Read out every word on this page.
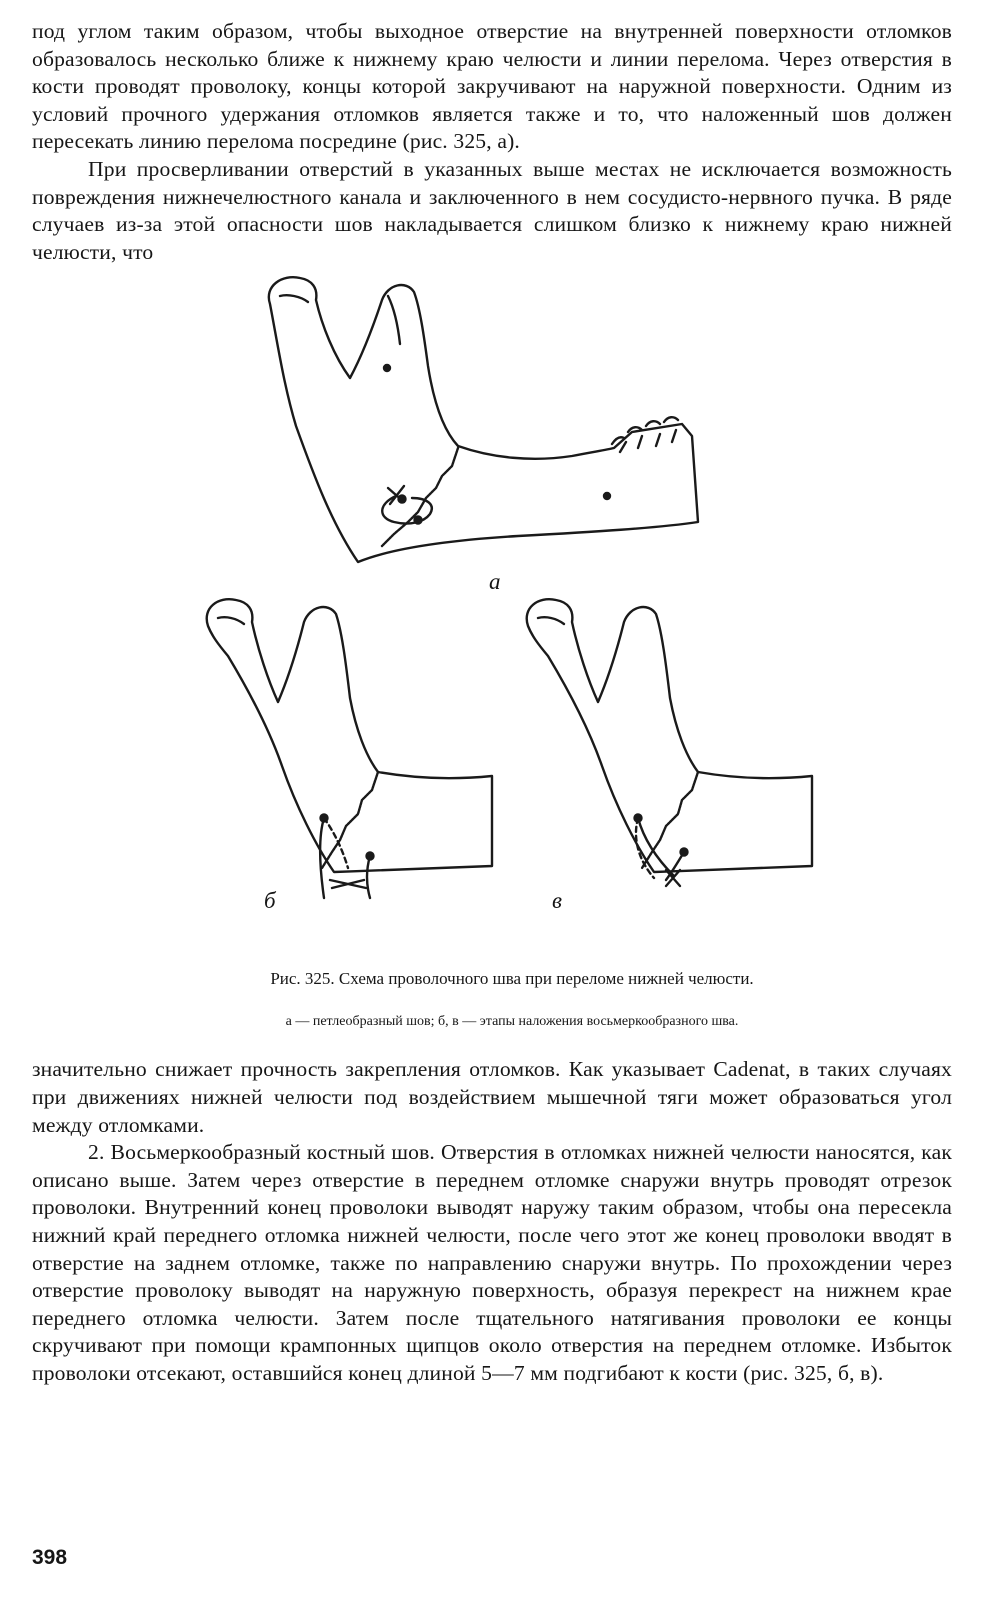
под углом таким образом, чтобы выходное отверстие на внутренней поверхности отломков образовалось несколько ближе к нижнему краю челюсти и линии перелома. Через отверстия в кости проводят проволоку, концы которой закручивают на наружной поверхности. Одним из условий прочного удержания отломков является также и то, что наложенный шов должен пересекать линию перелома посредине (рис. 325, а).

При просверливании отверстий в указанных выше местах не исключается возможность повреждения нижнечелюстного канала и заключенного в нем сосудисто-нервного пучка. В ряде случаев из-за этой опасности шов накладывается слишком близко к нижнему краю нижней челюсти, что

а
б	в
Рис. 325. Схема проволочного шва при переломе нижней челюсти.
а — петлеобразный шов; б, в — этапы наложения восьмеркообразного шва.

значительно снижает прочность закрепления отломков. Как указывает Cadenat, в таких случаях при движениях нижней челюсти под воздействием мышечной тяги может образоваться угол между отломками.

2. Восьмеркообразный костный шов. Отверстия в отломках нижней челюсти наносятся, как описано выше. Затем через отверстие в переднем отломке снаружи внутрь проводят отрезок проволоки. Внутренний конец проволоки выводят наружу таким образом, чтобы она пересекла нижний край переднего отломка нижней челюсти, после чего этот же конец проволоки вводят в отверстие на заднем отломке, также по направлению снаружи внутрь. По прохождении через отверстие проволоку выводят на наружную поверхность, образуя перекрест на нижнем крае переднего отломка челюсти. Затем после тщательного натягивания проволоки ее концы скручивают при помощи крампонных щипцов около отверстия на переднем отломке. Избыток проволоки отсекают, оставшийся конец длиной 5—7 мм подгибают к кости (рис. 325, б, в).

398
